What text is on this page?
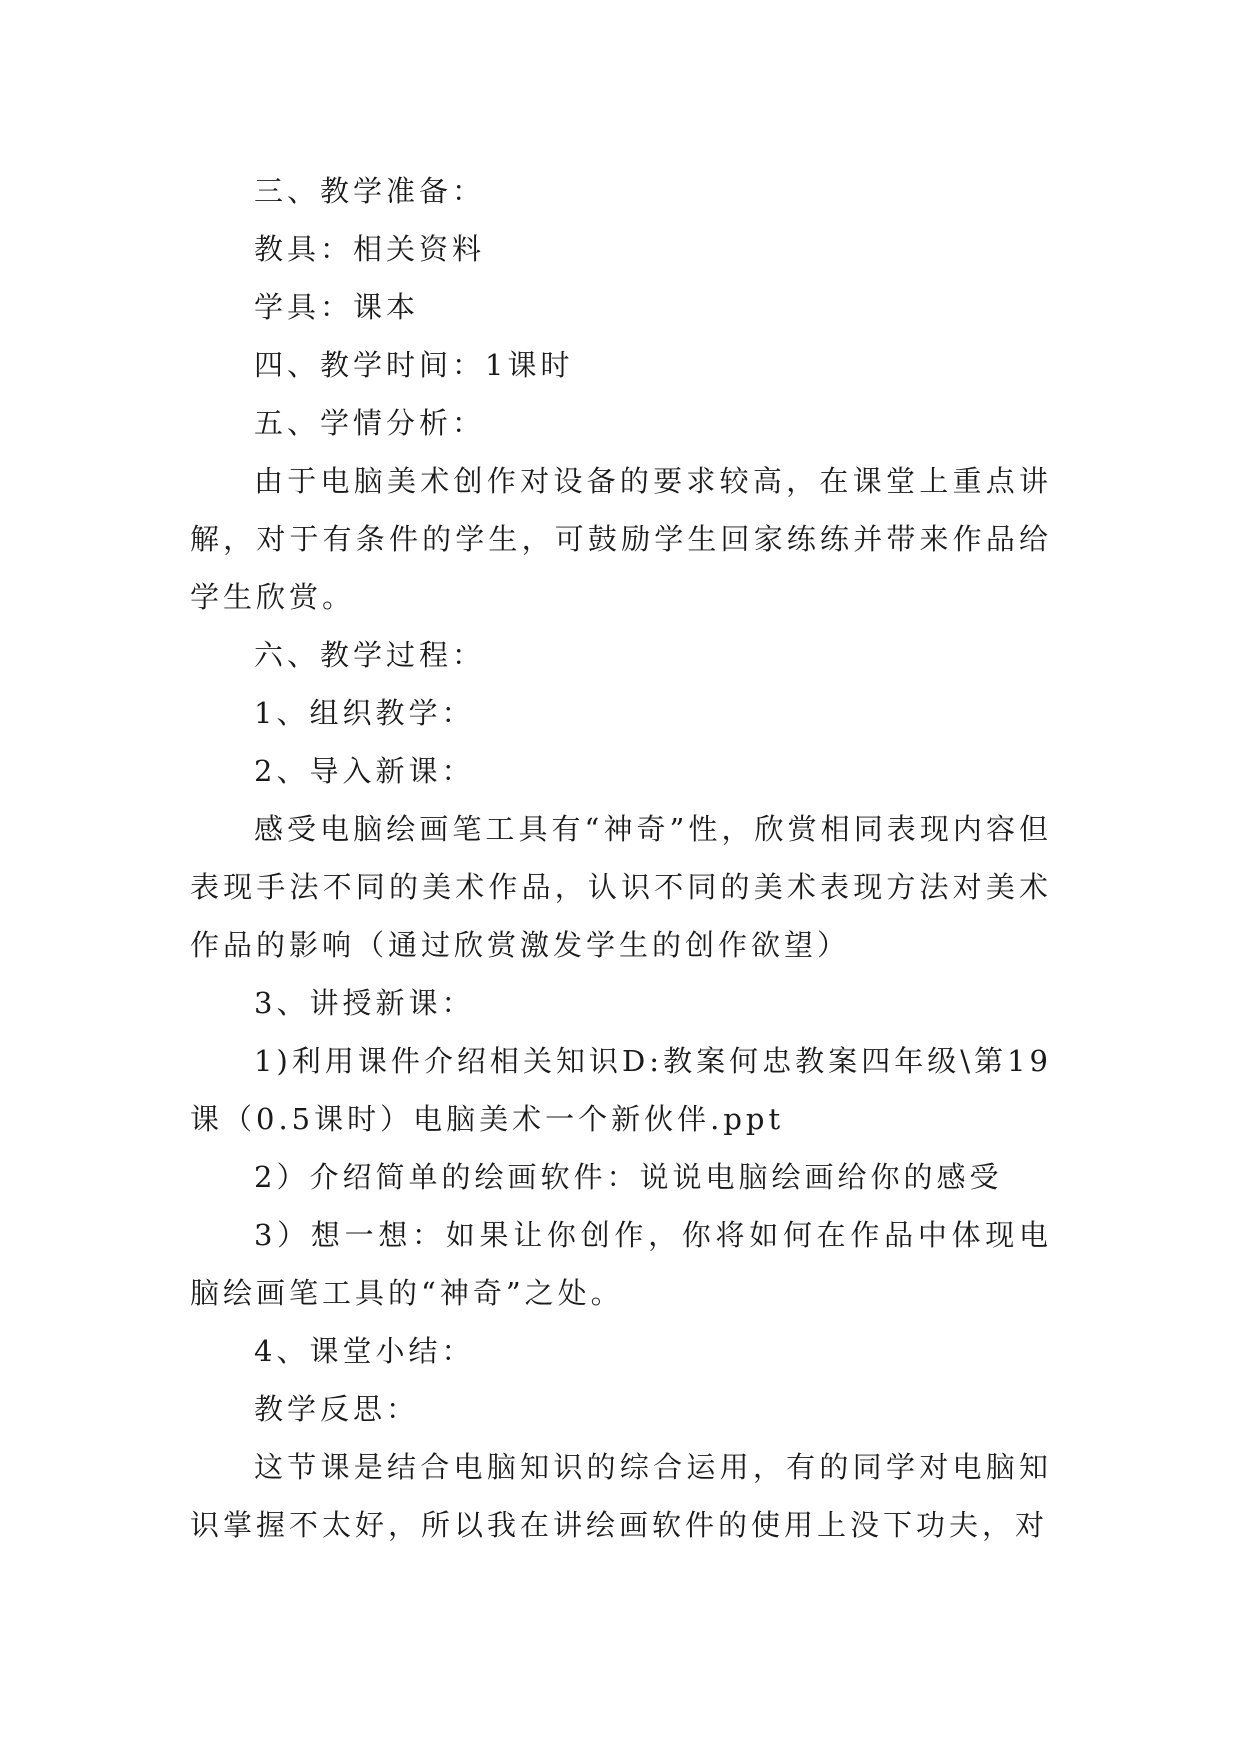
三、教学准备：

教具：相关资料

学具：课本

四、教学时间：1课时

五、学情分析：

由于电脑美术创作对设备的要求较高，在课堂上重点讲解，对于有条件的学生，可鼓励学生回家练练并带来作品给学生欣赏。

六、教学过程：

1、组织教学：

2、导入新课：

感受电脑绘画笔工具有“神奇”性，欣赏相同表现内容但表现手法不同的美术作品，认识不同的美术表现方法对美术作品的影响（通过欣赏激发学生的创作欲望）

3、讲授新课：

1)利用课件介绍相关知识D:教案何忠教案四年级\第19课（0.5课时）电脑美术一个新伙伴.ppt

2）介绍简单的绘画软件：说说电脑绘画给你的感受

3）想一想：如果让你创作，你将如何在作品中体现电脑绘画笔工具的“神奇”之处。

4、课堂小结：

教学反思：

这节课是结合电脑知识的综合运用，有的同学对电脑知识掌握不太好，所以我在讲绘画软件的使用上没下功夫，对
